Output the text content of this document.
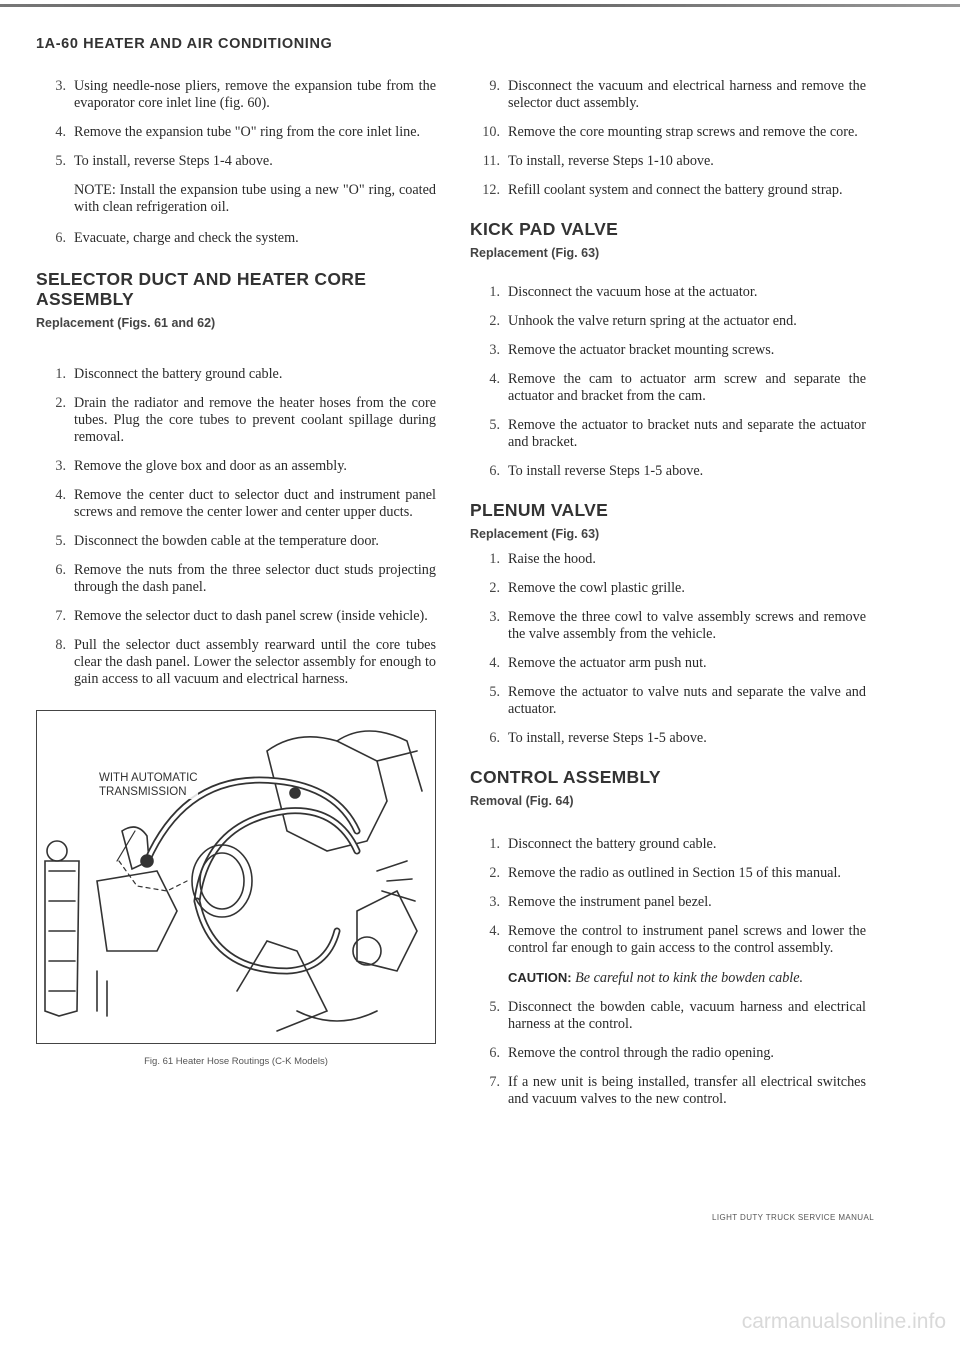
1A-60 HEATER AND AIR CONDITIONING
3. Using needle-nose pliers, remove the expansion tube from the evaporator core inlet line (fig. 60).
4. Remove the expansion tube "O" ring from the core inlet line.
5. To install, reverse Steps 1-4 above.
NOTE: Install the expansion tube using a new "O" ring, coated with clean refrigeration oil.
6. Evacuate, charge and check the system.
SELECTOR DUCT AND HEATER CORE ASSEMBLY
Replacement (Figs. 61 and 62)
1. Disconnect the battery ground cable.
2. Drain the radiator and remove the heater hoses from the core tubes. Plug the core tubes to prevent coolant spillage during removal.
3. Remove the glove box and door as an assembly.
4. Remove the center duct to selector duct and instrument panel screws and remove the center lower and center upper ducts.
5. Disconnect the bowden cable at the temperature door.
6. Remove the nuts from the three selector duct studs projecting through the dash panel.
7. Remove the selector duct to dash panel screw (inside vehicle).
8. Pull the selector duct assembly rearward until the core tubes clear the dash panel. Lower the selector assembly for enough to gain access to all vacuum and electrical harness.
WITH AUTOMATIC
TRANSMISSION
Fig. 61 Heater Hose Routings (C-K Models)
9. Disconnect the vacuum and electrical harness and remove the selector duct assembly.
10. Remove the core mounting strap screws and remove the core.
11. To install, reverse Steps 1-10 above.
12. Refill coolant system and connect the battery ground strap.
KICK PAD VALVE
Replacement (Fig. 63)
1. Disconnect the vacuum hose at the actuator.
2. Unhook the valve return spring at the actuator end.
3. Remove the actuator bracket mounting screws.
4. Remove the cam to actuator arm screw and separate the actuator and bracket from the cam.
5. Remove the actuator to bracket nuts and separate the actuator and bracket.
6. To install reverse Steps 1-5 above.
PLENUM VALVE
Replacement (Fig. 63)
1. Raise the hood.
2. Remove the cowl plastic grille.
3. Remove the three cowl to valve assembly screws and remove the valve assembly from the vehicle.
4. Remove the actuator arm push nut.
5. Remove the actuator to valve nuts and separate the valve and actuator.
6. To install, reverse Steps 1-5 above.
CONTROL ASSEMBLY
Removal (Fig. 64)
1. Disconnect the battery ground cable.
2. Remove the radio as outlined in Section 15 of this manual.
3. Remove the instrument panel bezel.
4. Remove the control to instrument panel screws and lower the control far enough to gain access to the control assembly.
CAUTION: Be careful not to kink the bowden cable.
5. Disconnect the bowden cable, vacuum harness and electrical harness at the control.
6. Remove the control through the radio opening.
7. If a new unit is being installed, transfer all electrical switches and vacuum valves to the new control.
LIGHT DUTY TRUCK SERVICE MANUAL
carmanualsonline.info
